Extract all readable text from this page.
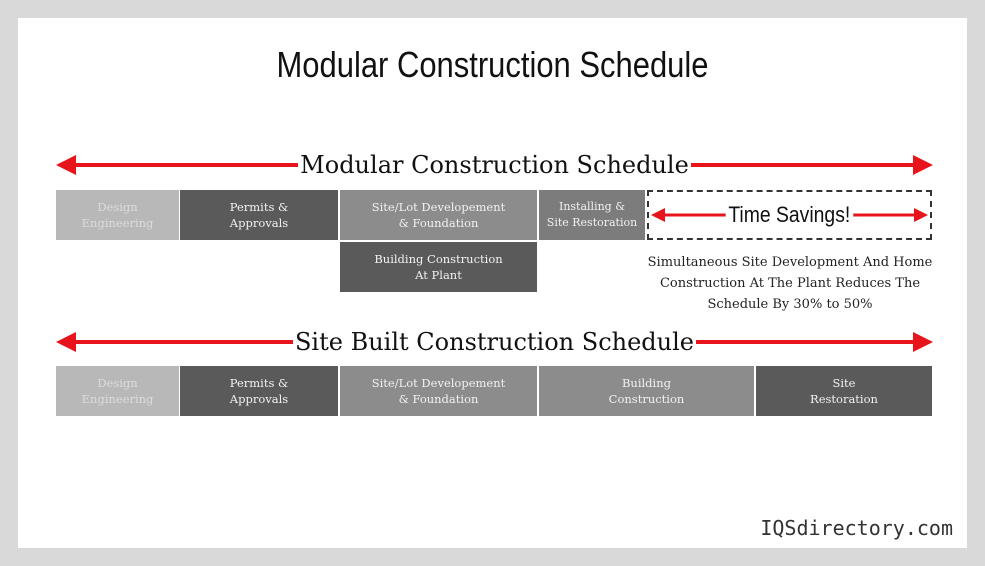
Modular Construction Schedule
Modular Construction Schedule
Design
Engineering
Permits &
Approvals
Site/Lot Developement
& Foundation
Installing &
Site Restoration
Building Construction
At Plant
Time Savings!
Simultaneous Site Development And Home Construction At The Plant Reduces The Schedule By 30% to 50%
Site Built Construction Schedule
Design
Engineering
Permits &
Approvals
Site/Lot Developement
& Foundation
Building
Construction
Site
Restoration
IQSdirectory.com
